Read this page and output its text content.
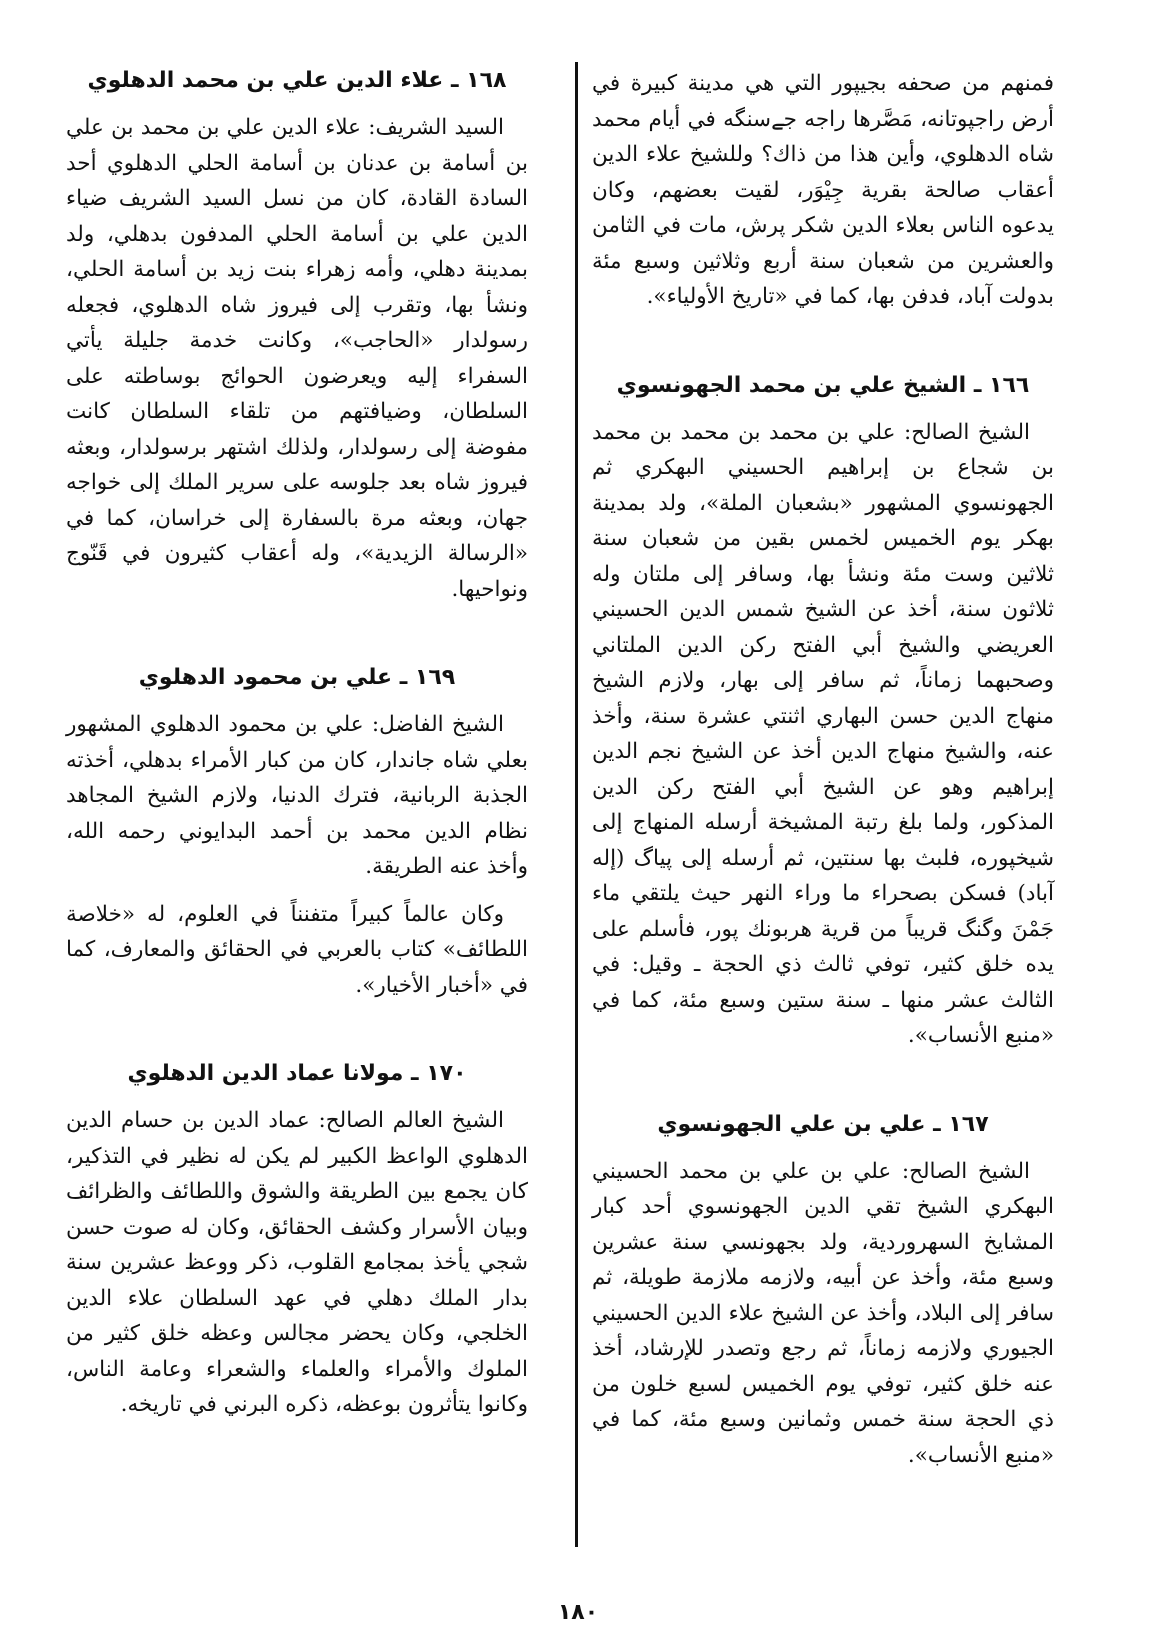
فمنهم من صحفه بجيپور التي هي مدينة كبيرة في أرض راجپوتانه، مَصَّرها راجه جےسنگه في أيام محمد شاه الدهلوي، وأين هذا من ذاك؟ وللشيخ علاء الدين أعقاب صالحة بقرية جِيْوَر، لقيت بعضهم، وكان يدعوه الناس بعلاء الدين شكر پرش، مات في الثامن والعشرين من شعبان سنة أربع وثلاثين وسبع مئة بدولت آباد، فدفن بها، كما في «تاريخ الأولياء».

١٦٦ ـ الشيخ علي بن محمد الجهونسوي

الشيخ الصالح: علي بن محمد بن محمد بن محمد بن شجاع بن إبراهيم الحسيني البهكري ثم الجهونسوي المشهور «بشعبان الملة»، ولد بمدينة بهكر يوم الخميس لخمس بقين من شعبان سنة ثلاثين وست مئة ونشأ بها، وسافر إلى ملتان وله ثلاثون سنة، أخذ عن الشيخ شمس الدين الحسيني العريضي والشيخ أبي الفتح ركن الدين الملتاني وصحبهما زماناً، ثم سافر إلى بهار، ولازم الشيخ منهاج الدين حسن البهاري اثنتي عشرة سنة، وأخذ عنه، والشيخ منهاج الدين أخذ عن الشيخ نجم الدين إبراهيم وهو عن الشيخ أبي الفتح ركن الدين المذكور، ولما بلغ رتبة المشيخة أرسله المنهاج إلى شيخپوره، فلبث بها سنتين، ثم أرسله إلى پياگ (إله آباد) فسكن بصحراء ما وراء النهر حيث يلتقي ماء جَمْنَ وگنگ قريباً من قرية هربونك پور، فأسلم على يده خلق كثير، توفي ثالث ذي الحجة ـ وقيل: في الثالث عشر منها ـ سنة ستين وسبع مئة، كما في «منبع الأنساب».

١٦٧ ـ علي بن علي الجهونسوي

الشيخ الصالح: علي بن علي بن محمد الحسيني البهكري الشيخ تقي الدين الجهونسوي أحد كبار المشايخ السهروردية، ولد بجهونسي سنة عشرين وسبع مئة، وأخذ عن أبيه، ولازمه ملازمة طويلة، ثم سافر إلى البلاد، وأخذ عن الشيخ علاء الدين الحسيني الجيوري ولازمه زماناً، ثم رجع وتصدر للإرشاد، أخذ عنه خلق كثير، توفي يوم الخميس لسبع خلون من ذي الحجة سنة خمس وثمانين وسبع مئة، كما في «منبع الأنساب».

١٦٨ ـ علاء الدين علي بن محمد الدهلوي

السيد الشريف: علاء الدين علي بن محمد بن علي بن أسامة بن عدنان بن أسامة الحلي الدهلوي أحد السادة القادة، كان من نسل السيد الشريف ضياء الدين علي بن أسامة الحلي المدفون بدهلي، ولد بمدينة دهلي، وأمه زهراء بنت زيد بن أسامة الحلي، ونشأ بها، وتقرب إلى فيروز شاه الدهلوي، فجعله رسولدار «الحاجب»، وكانت خدمة جليلة يأتي السفراء إليه ويعرضون الحوائج بوساطته على السلطان، وضيافتهم من تلقاء السلطان كانت مفوضة إلى رسولدار، ولذلك اشتهر برسولدار، وبعثه فيروز شاه بعد جلوسه على سرير الملك إلى خواجه جهان، وبعثه مرة بالسفارة إلى خراسان، كما في «الرسالة الزيدية»، وله أعقاب كثيرون في قَنّوج ونواحيها.

١٦٩ ـ علي بن محمود الدهلوي

الشيخ الفاضل: علي بن محمود الدهلوي المشهور بعلي شاه جاندار، كان من كبار الأمراء بدهلي، أخذته الجذبة الربانية، فترك الدنيا، ولازم الشيخ المجاهد نظام الدين محمد بن أحمد البدايوني رحمه الله، وأخذ عنه الطريقة.

وكان عالماً كبيراً متفنناً في العلوم، له «خلاصة اللطائف» كتاب بالعربي في الحقائق والمعارف، كما في «أخبار الأخيار».

١٧٠ ـ مولانا عماد الدين الدهلوي

الشيخ العالم الصالح: عماد الدين بن حسام الدين الدهلوي الواعظ الكبير لم يكن له نظير في التذكير، كان يجمع بين الطريقة والشوق واللطائف والظرائف وبيان الأسرار وكشف الحقائق، وكان له صوت حسن شجي يأخذ بمجامع القلوب، ذكر ووعظ عشرين سنة بدار الملك دهلي في عهد السلطان علاء الدين الخلجي، وكان يحضر مجالس وعظه خلق كثير من الملوك والأمراء والعلماء والشعراء وعامة الناس، وكانوا يتأثرون بوعظه، ذكره البرني في تاريخه.

١٨٠
